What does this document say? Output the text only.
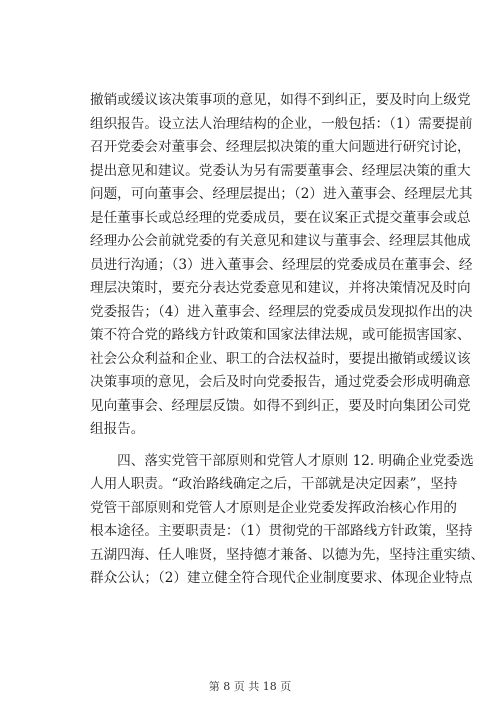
撤销或缓议该决策事项的意见，如得不到纠正，要及时向上级党
组织报告。设立法人治理结构的企业，一般包括：（1）需要提前
召开党委会对董事会、经理层拟决策的重大问题进行研究讨论，
提出意见和建议。党委认为另有需要董事会、经理层决策的重大
问题，可向董事会、经理层提出；（2）进入董事会、经理层尤其
是任董事长或总经理的党委成员，要在议案正式提交董事会或总
经理办公会前就党委的有关意见和建议与董事会、经理层其他成
员进行沟通；（3）进入董事会、经理层的党委成员在董事会、经
理层决策时，要充分表达党委意见和建议，并将决策情况及时向
党委报告；（4）进入董事会、经理层的党委成员发现拟作出的决
策不符合党的路线方针政策和国家法律法规，或可能损害国家、
社会公众利益和企业、职工的合法权益时，要提出撤销或缓议该
决策事项的意见，会后及时向党委报告，通过党委会形成明确意
见向董事会、经理层反馈。如得不到纠正，要及时向集团公司党
组报告。
　　四、落实党管干部原则和党管人才原则 12. 明确企业党委选
人用人职责。“政治路线确定之后，干部就是决定因素”，坚持
党管干部原则和党管人才原则是企业党委发挥政治核心作用的
根本途径。主要职责是：（1）贯彻党的干部路线方针政策，坚持
五湖四海、任人唯贤，坚持德才兼备、以德为先，坚持注重实绩、
群众公认；（2）建立健全符合现代企业制度要求、体现企业特点
第 8 页 共 18 页
